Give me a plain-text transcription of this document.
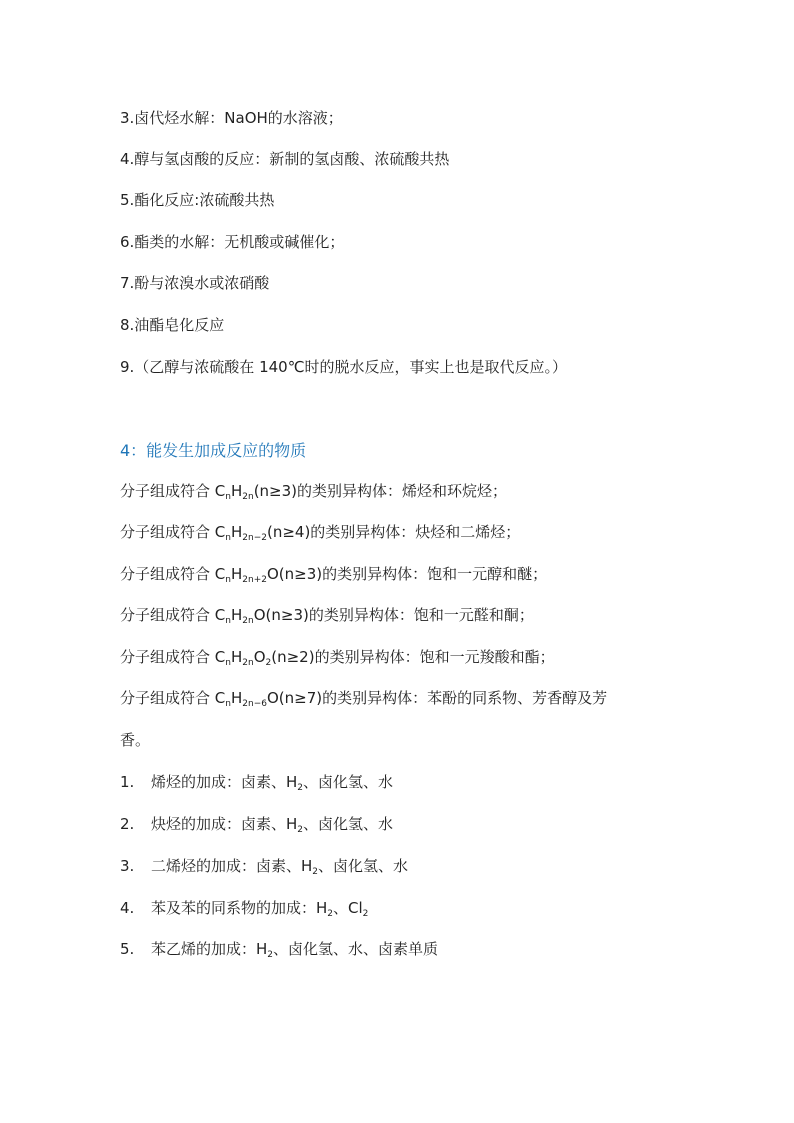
3.卤代烃水解：NaOH的水溶液；

4.醇与氢卤酸的反应：新制的氢卤酸、浓硫酸共热

5.酯化反应:浓硫酸共热

6.酯类的水解：无机酸或碱催化；

7.酚与浓溴水或浓硝酸

8.油酯皂化反应

9.（乙醇与浓硫酸在 140℃时的脱水反应，事实上也是取代反应。）

4：能发生加成反应的物质

分子组成符合 $C_nH_{2n}(n\ge 3)$的类别异构体：烯烃和环烷烃；

分子组成符合 $C_nH_{2n-2}(n\ge 4)$的类别异构体：炔烃和二烯烃；

分子组成符合 $C_nH_{2n+2}O(n\ge 3)$的类别异构体：饱和一元醇和醚；

分子组成符合 $C_nH_{2n}O(n\ge 3)$的类别异构体：饱和一元醛和酮；

分子组成符合 $C_nH_{2n}O_2(n\ge 2)$的类别异构体：饱和一元羧酸和酯；

分子组成符合 $C_nH_{2n-6}O(n\ge 7)$的类别异构体：苯酚的同系物、芳香醇及芳

香。

1. 烯烃的加成：卤素、$H_2$、卤化氢、水

2. 炔烃的加成：卤素、$H_2$、卤化氢、水

3. 二烯烃的加成：卤素、$H_2$、卤化氢、水

4. 苯及苯的同系物的加成：$H_2$、$Cl_2$

5. 苯乙烯的加成：$H_2$、卤化氢、水、卤素单质
